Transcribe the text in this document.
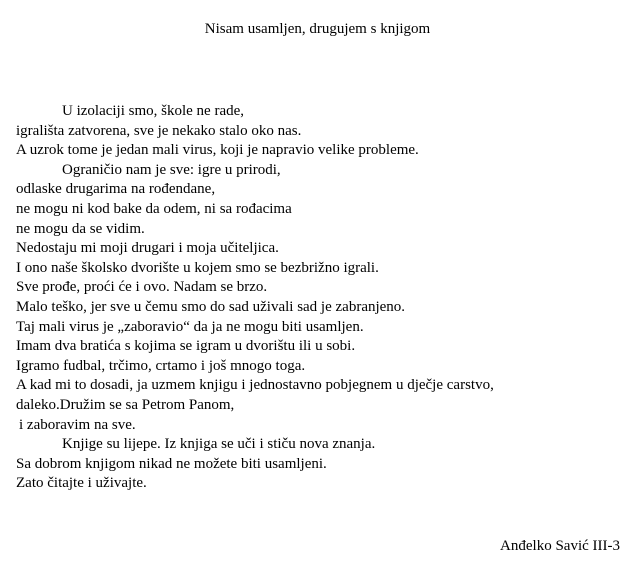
Nisam usamljen, drugujem s knjigom
U izolaciji smo, škole ne rade,
igrališta zatvorena, sve je nekako stalo oko nas.
A uzrok tome je jedan mali virus, koji je napravio velike probleme.
Ograničio nam je sve: igre u prirodi,
odlaske drugarima na rođendane,
ne mogu ni kod bake da odem, ni sa rođacima
ne mogu da se vidim.
Nedostaju mi moji drugari i moja učiteljica.
I ono naše školsko dvorište u kojem smo se bezbrižno igrali.
Sve prođe, proći će i ovo. Nadam se brzo.
Malo teško, jer sve u čemu smo do sad uživali sad je zabranjeno.
Taj mali virus je „zaboravio“ da ja ne mogu biti usamljen.
Imam dva bratića s kojima se igram u dvorištu ili u sobi.
Igramo fudbal, trčimo, crtamo i još mnogo toga.
A kad mi to dosadi, ja uzmem knjigu i jednostavno pobjegnem u dječje carstvo,
daleko.Družim se sa Petrom Panom,
i zaboravim na sve.
Knjige su lijepe. Iz knjiga se uči i stiču nova znanja.
Sa dobrom knjigom nikad ne možete biti usamljeni.
Zato čitajte i uživajte.
Anđelko Savić III-3
